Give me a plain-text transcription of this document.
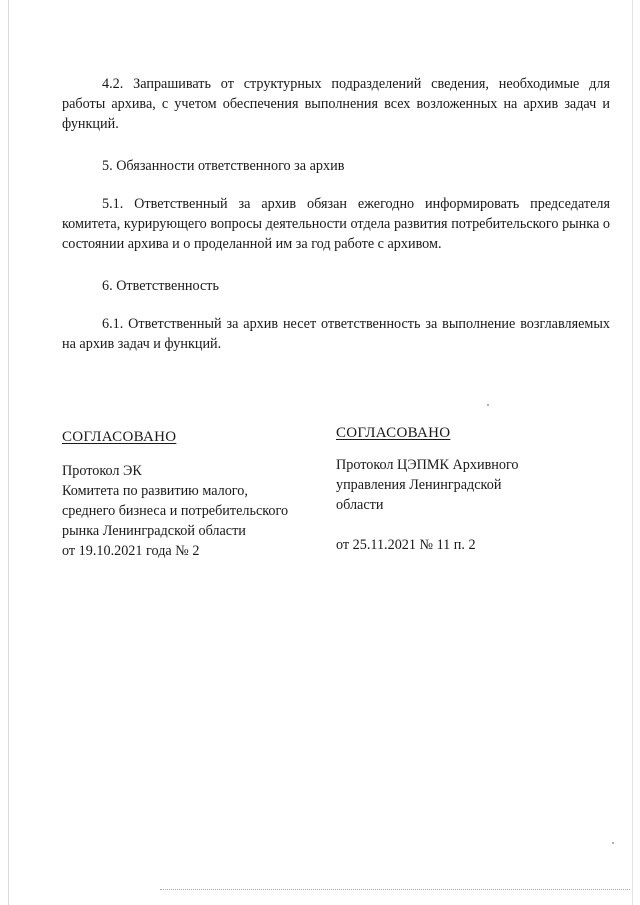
4.2. Запрашивать от структурных подразделений сведения, необходимые для работы архива, с учетом обеспечения выполнения всех возложенных на архив задач и функций.

5. Обязанности ответственного за архив

5.1. Ответственный за архив обязан ежегодно информировать председателя комитета, курирующего вопросы деятельности отдела развития потребительского рынка о состоянии архива и о проделанной им за год работе с архивом.

6. Ответственность

6.1. Ответственный за архив несет ответственность за выполнение возглавляемых на архив задач и функций.

СОГЛАСОВАНО

Протокол ЭК

Комитета по развитию малого,

среднего бизнеса и потребительского

рынка Ленинградской области

от 19.10.2021 года № 2

СОГЛАСОВАНО

Протокол ЦЭПМК Архивного

управления Ленинградской

области

от 25.11.2021 № 11 п. 2
